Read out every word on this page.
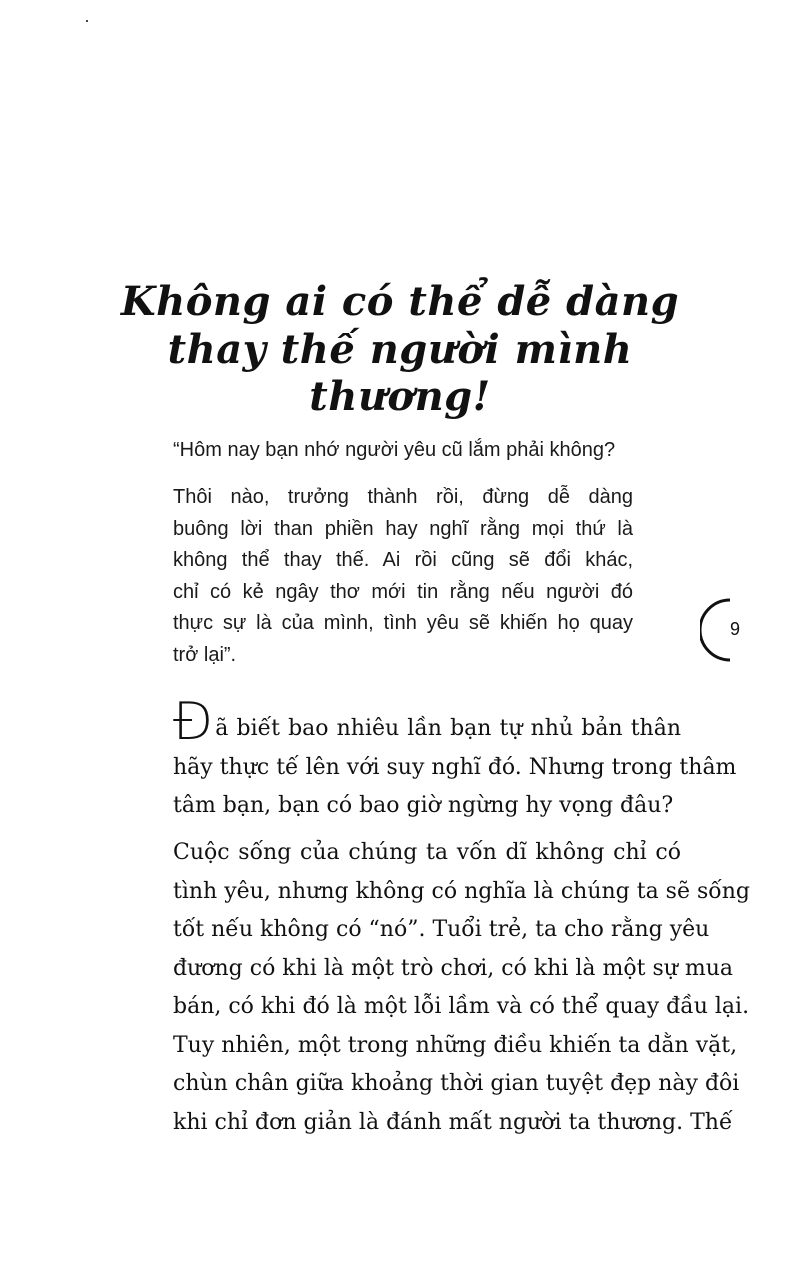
Không ai có thể dễ dàng
thay thế người mình thương!
“Hôm nay bạn nhớ người yêu cũ lắm phải không?
Thôi nào, trưởng thành rồi, đừng dễ dàng
buông lời than phiền hay nghĩ rằng mọi thứ là
không thể thay thế. Ai rồi cũng sẽ đổi khác,
chỉ có kẻ ngây thơ mới tin rằng nếu người đó
thực sự là của mình, tình yêu sẽ khiến họ quay
trở lại”.
Đã biết bao nhiêu lần bạn tự nhủ bản thân
hãy thực tế lên với suy nghĩ đó. Nhưng trong thâm
tâm bạn, bạn có bao giờ ngừng hy vọng đâu?
Cuộc sống của chúng ta vốn dĩ không chỉ có
tình yêu, nhưng không có nghĩa là chúng ta sẽ sống
tốt nếu không có “nó”. Tuổi trẻ, ta cho rằng yêu
đương có khi là một trò chơi, có khi là một sự mua
bán, có khi đó là một lỗi lầm và có thể quay đầu lại.
Tuy nhiên, một trong những điều khiến ta dằn vặt,
chùn chân giữa khoảng thời gian tuyệt đẹp này đôi
khi chỉ đơn giản là đánh mất người ta thương. Thế
9
